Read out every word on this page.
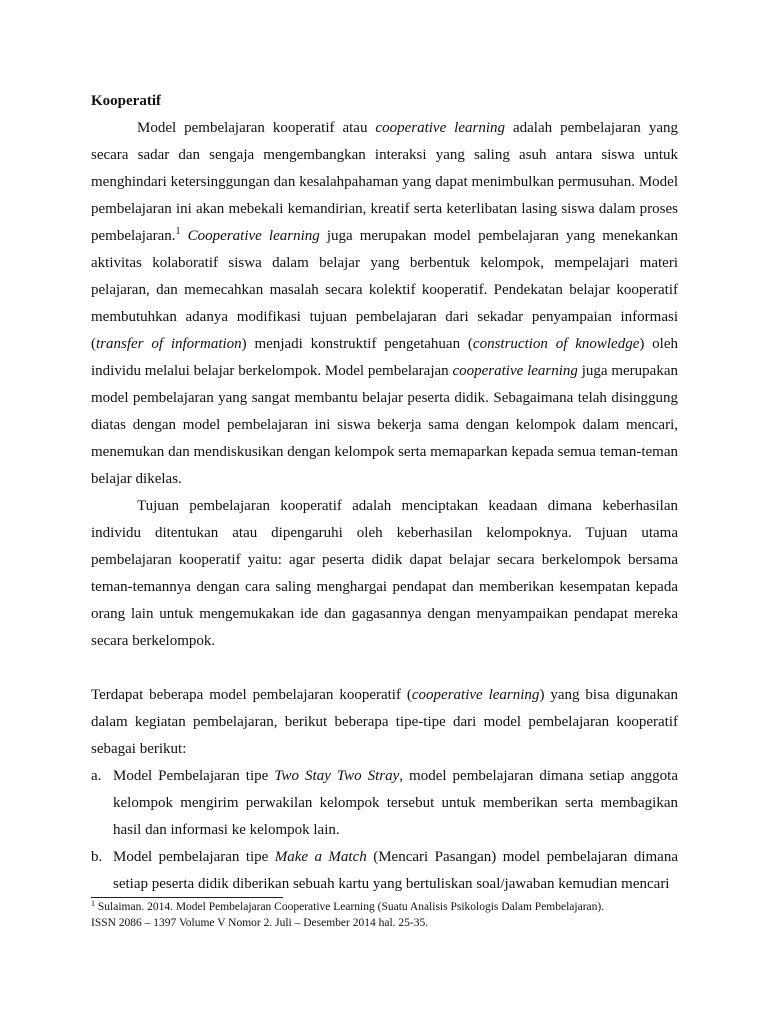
Kooperatif

Model pembelajaran kooperatif atau cooperative learning adalah pembelajaran yang secara sadar dan sengaja mengembangkan interaksi yang saling asuh antara siswa untuk menghindari ketersinggungan dan kesalahpahaman yang dapat menimbulkan permusuhan. Model pembelajaran ini akan mebekali kemandirian, kreatif serta keterlibatan lasing siswa dalam proses pembelajaran.$^1$ Cooperative learning juga merupakan model pembelajaran yang menekankan aktivitas kolaboratif siswa dalam belajar yang berbentuk kelompok, mempelajari materi pelajaran, dan memecahkan masalah secara kolektif kooperatif. Pendekatan belajar kooperatif membutuhkan adanya modifikasi tujuan pembelajaran dari sekadar penyampaian informasi (transfer of information) menjadi konstruktif pengetahuan (construction of knowledge) oleh individu melalui belajar berkelompok. Model pembelarajan cooperative learning juga merupakan model pembelajaran yang sangat membantu belajar peserta didik. Sebagaimana telah disinggung diatas dengan model pembelajaran ini siswa bekerja sama dengan kelompok dalam mencari, menemukan dan mendiskusikan dengan kelompok serta memaparkan kepada semua teman-teman belajar dikelas.

Tujuan pembelajaran kooperatif adalah menciptakan keadaan dimana keberhasilan individu ditentukan atau dipengaruhi oleh keberhasilan kelompoknya. Tujuan utama pembelajaran kooperatif yaitu: agar peserta didik dapat belajar secara berkelompok bersama teman-temannya dengan cara saling menghargai pendapat dan memberikan kesempatan kepada orang lain untuk mengemukakan ide dan gagasannya dengan menyampaikan pendapat mereka secara berkelompok.

Terdapat beberapa model pembelajaran kooperatif (cooperative learning) yang bisa digunakan dalam kegiatan pembelajaran, berikut beberapa tipe-tipe dari model pembelajaran kooperatif sebagai berikut:

a. Model Pembelajaran tipe Two Stay Two Stray, model pembelajaran dimana setiap anggota kelompok mengirim perwakilan kelompok tersebut untuk memberikan serta membagikan hasil dan informasi ke kelompok lain.
b. Model pembelajaran tipe Make a Match (Mencari Pasangan) model pembelajaran dimana setiap peserta didik diberikan sebuah kartu yang bertuliskan soal/jawaban kemudian mencari
$^1$ Sulaiman. 2014. Model Pembelajaran Cooperative Learning (Suatu Analisis Psikologis Dalam Pembelajaran).
ISSN 2086 – 1397 Volume V Nomor 2. Juli – Desember 2014 hal. 25-35.
